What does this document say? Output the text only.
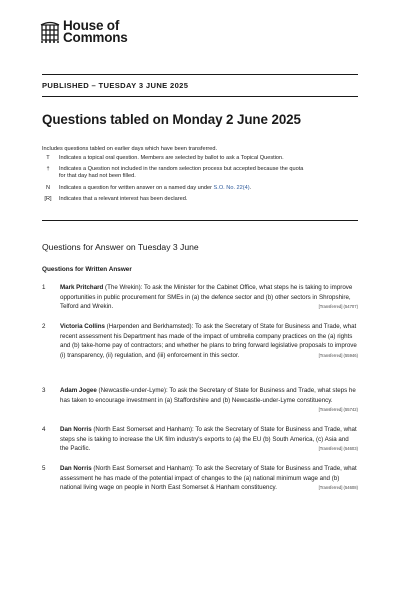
House of
Commons
PUBLISHED – TUESDAY 3 JUNE 2025
Questions tabled on Monday 2 June 2025
Includes questions tabled on earlier days which have been transferred.
T	Indicates a topical oral question. Members are selected by ballot to ask a Topical Question.
†	Indicates a Question not included in the random selection process but accepted because the quota for that day had not been filled.
N	Indicates a question for written answer on a named day under S.O. No. 22(4).
[R]	Indicates that a relevant interest has been declared.
Questions for Answer on Tuesday 3 June
Questions for Written Answer
1 Mark Pritchard (The Wrekin): To ask the Minister for the Cabinet Office, what steps he is taking to improve opportunities in public procurement for SMEs in (a) the defence sector and (b) other sectors in Shropshire, Telford and Wrekin.	[Transferred] (54707)
2 Victoria Collins (Harpenden and Berkhamsted): To ask the Secretary of State for Business and Trade, what recent assessment his Department has made of the impact of umbrella company practices on the (a) rights and (b) take-home pay of contractors; and whether he plans to bring forward legislative proposals to improve (i) transparency, (ii) regulation, and (iii) enforcement in this sector.	[Transferred] (55946)
3 Adam Jogee (Newcastle-under-Lyme): To ask the Secretary of State for Business and Trade, what steps he has taken to encourage investment in (a) Staffordshire and (b) Newcastle-under-Lyme constituency.
[Transferred] (55742)
4 Dan Norris (North East Somerset and Hanham): To ask the Secretary of State for Business and Trade, what steps she is taking to increase the UK film industry's exports to (a) the EU (b) South America, (c) Asia and the Pacific.	[Transferred] (54603)
5 Dan Norris (North East Somerset and Hanham): To ask the Secretary of State for Business and Trade, what assessment he has made of the potential impact of changes to the (a) national minimum wage and (b) national living wage on people in North East Somerset & Hanham constituency.	[Transferred] (54608)
